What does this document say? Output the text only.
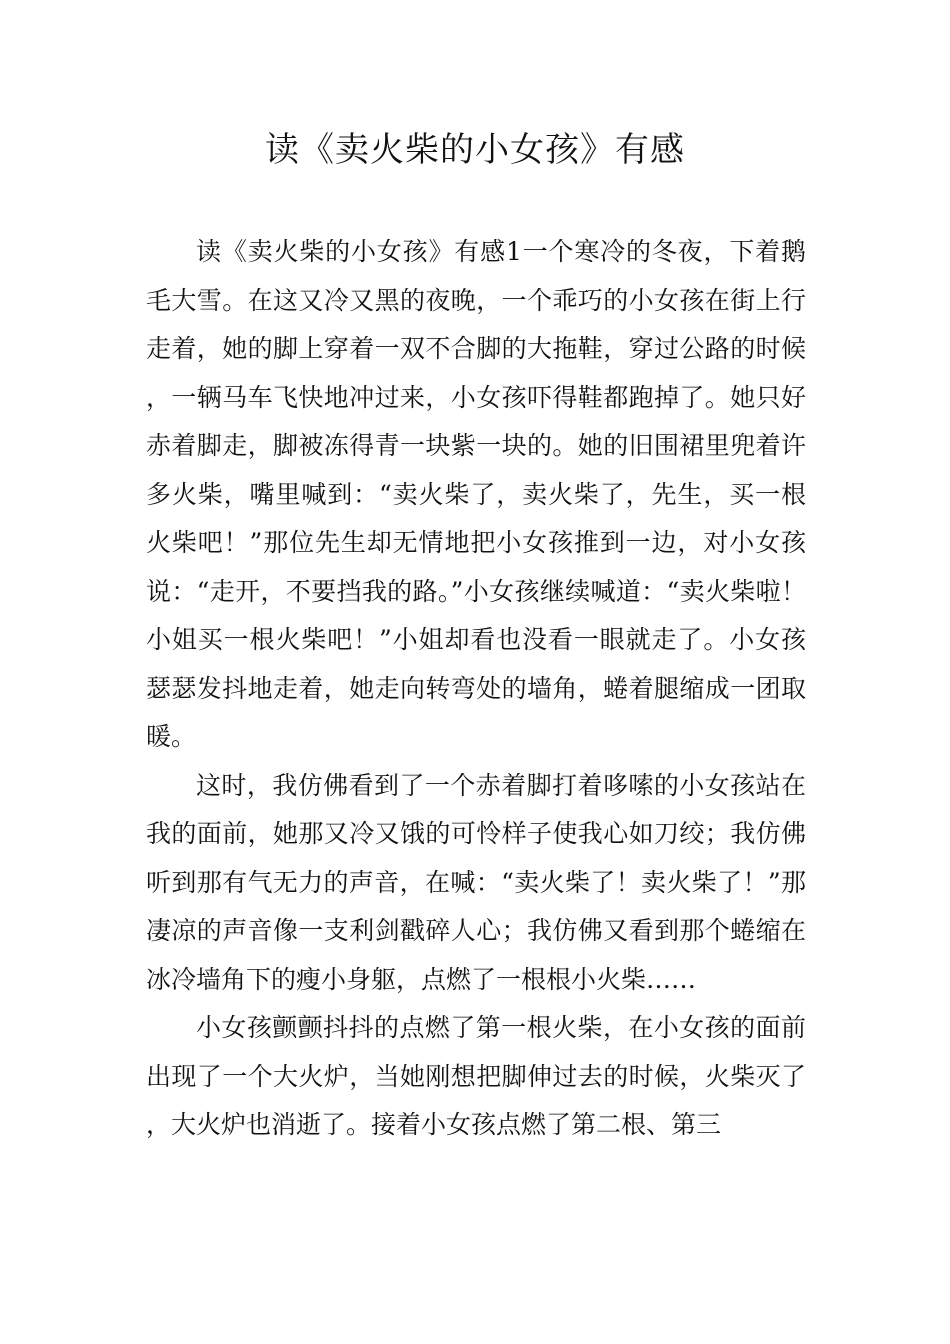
读《卖火柴的小女孩》有感

读《卖火柴的小女孩》有感1一个寒冷的冬夜，下着鹅毛大雪。在这又冷又黑的夜晚，一个乖巧的小女孩在街上行走着，她的脚上穿着一双不合脚的大拖鞋，穿过公路的时候，一辆马车飞快地冲过来，小女孩吓得鞋都跑掉了。她只好赤着脚走，脚被冻得青一块紫一块的。她的旧围裙里兜着许多火柴，嘴里喊到：“卖火柴了，卖火柴了，先生，买一根火柴吧！”那位先生却无情地把小女孩推到一边，对小女孩说：“走开，不要挡我的路。”小女孩继续喊道：“卖火柴啦！小姐买一根火柴吧！”小姐却看也没看一眼就走了。小女孩瑟瑟发抖地走着，她走向转弯处的墙角，蜷着腿缩成一团取暖。

这时，我仿佛看到了一个赤着脚打着哆嗦的小女孩站在我的面前，她那又冷又饿的可怜样子使我心如刀绞；我仿佛听到那有气无力的声音，在喊：“卖火柴了！卖火柴了！”那凄凉的声音像一支利剑戳碎人心；我仿佛又看到那个蜷缩在冰冷墙角下的瘦小身躯，点燃了一根根小火柴……

小女孩颤颤抖抖的点燃了第一根火柴，在小女孩的面前出现了一个大火炉，当她刚想把脚伸过去的时候，火柴灭了，大火炉也消逝了。接着小女孩点燃了第二根、第三
